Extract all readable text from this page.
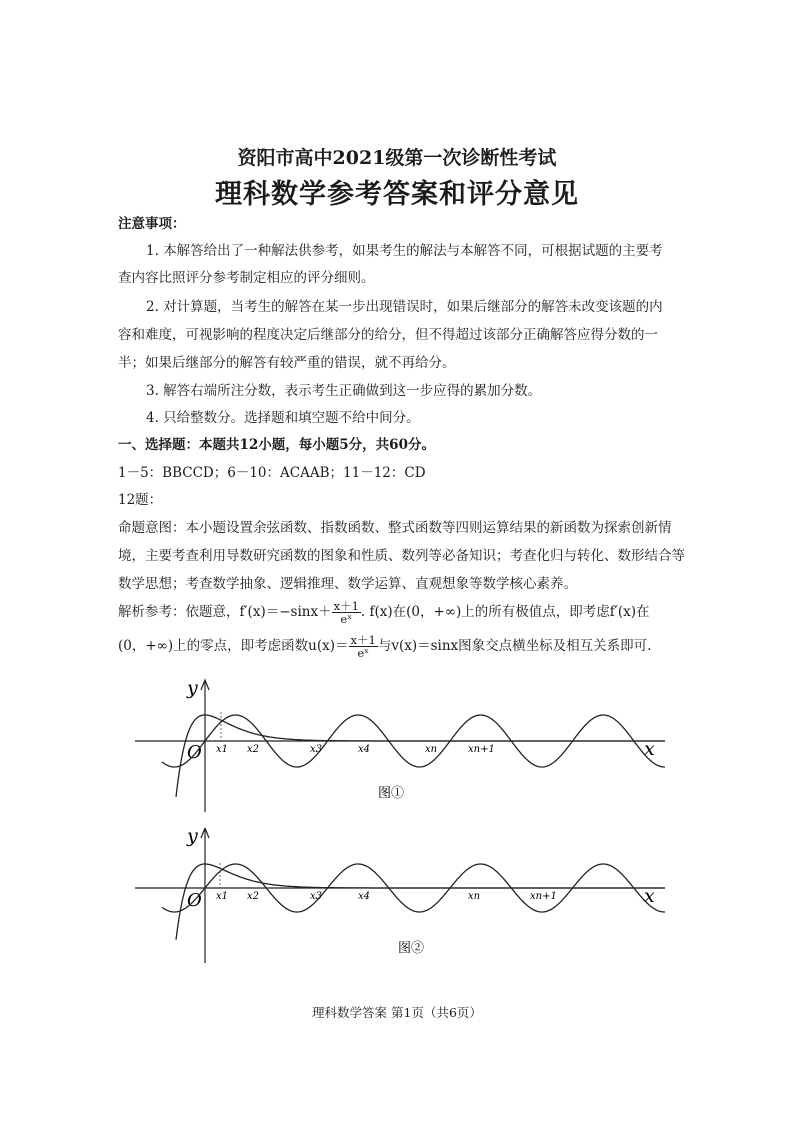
资阳市高中2021级第一次诊断性考试
理科数学参考答案和评分意见
注意事项：
1. 本解答给出了一种解法供参考，如果考生的解法与本解答不同，可根据试题的主要考
查内容比照评分参考制定相应的评分细则。
2. 对计算题，当考生的解答在某一步出现错误时，如果后继部分的解答未改变该题的内
容和难度，可视影响的程度决定后继部分的给分，但不得超过该部分正确解答应得分数的一
半；如果后继部分的解答有较严重的错误，就不再给分。
3. 解答右端所注分数，表示考生正确做到这一步应得的累加分数。
4. 只给整数分。选择题和填空题不给中间分。
一、选择题：本题共12小题，每小题5分，共60分。
1－5：BBCCD；6－10：ACAAB；11－12：CD
12题：
命题意图：本小题设置余弦函数、指数函数、整式函数等四则运算结果的新函数为探索创新情
境，主要考查利用导数研究函数的图象和性质、数列等必备知识；考查化归与转化、数形结合等
数学思想；考查数学抽象、逻辑推理、数学运算、直观想象等数学核心素养。
解析参考：依题意，$f'(x)=-\sin x+ \frac{x+1}{\text{eˣ}}$ . f(x)在(0，+∞)上的所有极值点，即考虑f′(x)在
(0，+∞)上的零点，即考虑函数$u(x)= \frac{x+1}{\text{eˣ}}$ 与v(x)＝sinx图象交点横坐标及相互关系即可.
y
x
O x1 x2	x3	x4	xn	xn+1
图①
y
x
O x1 x2	x3	x4	xn	xn+1
图②
理科数学答案 第1页（共6页）
